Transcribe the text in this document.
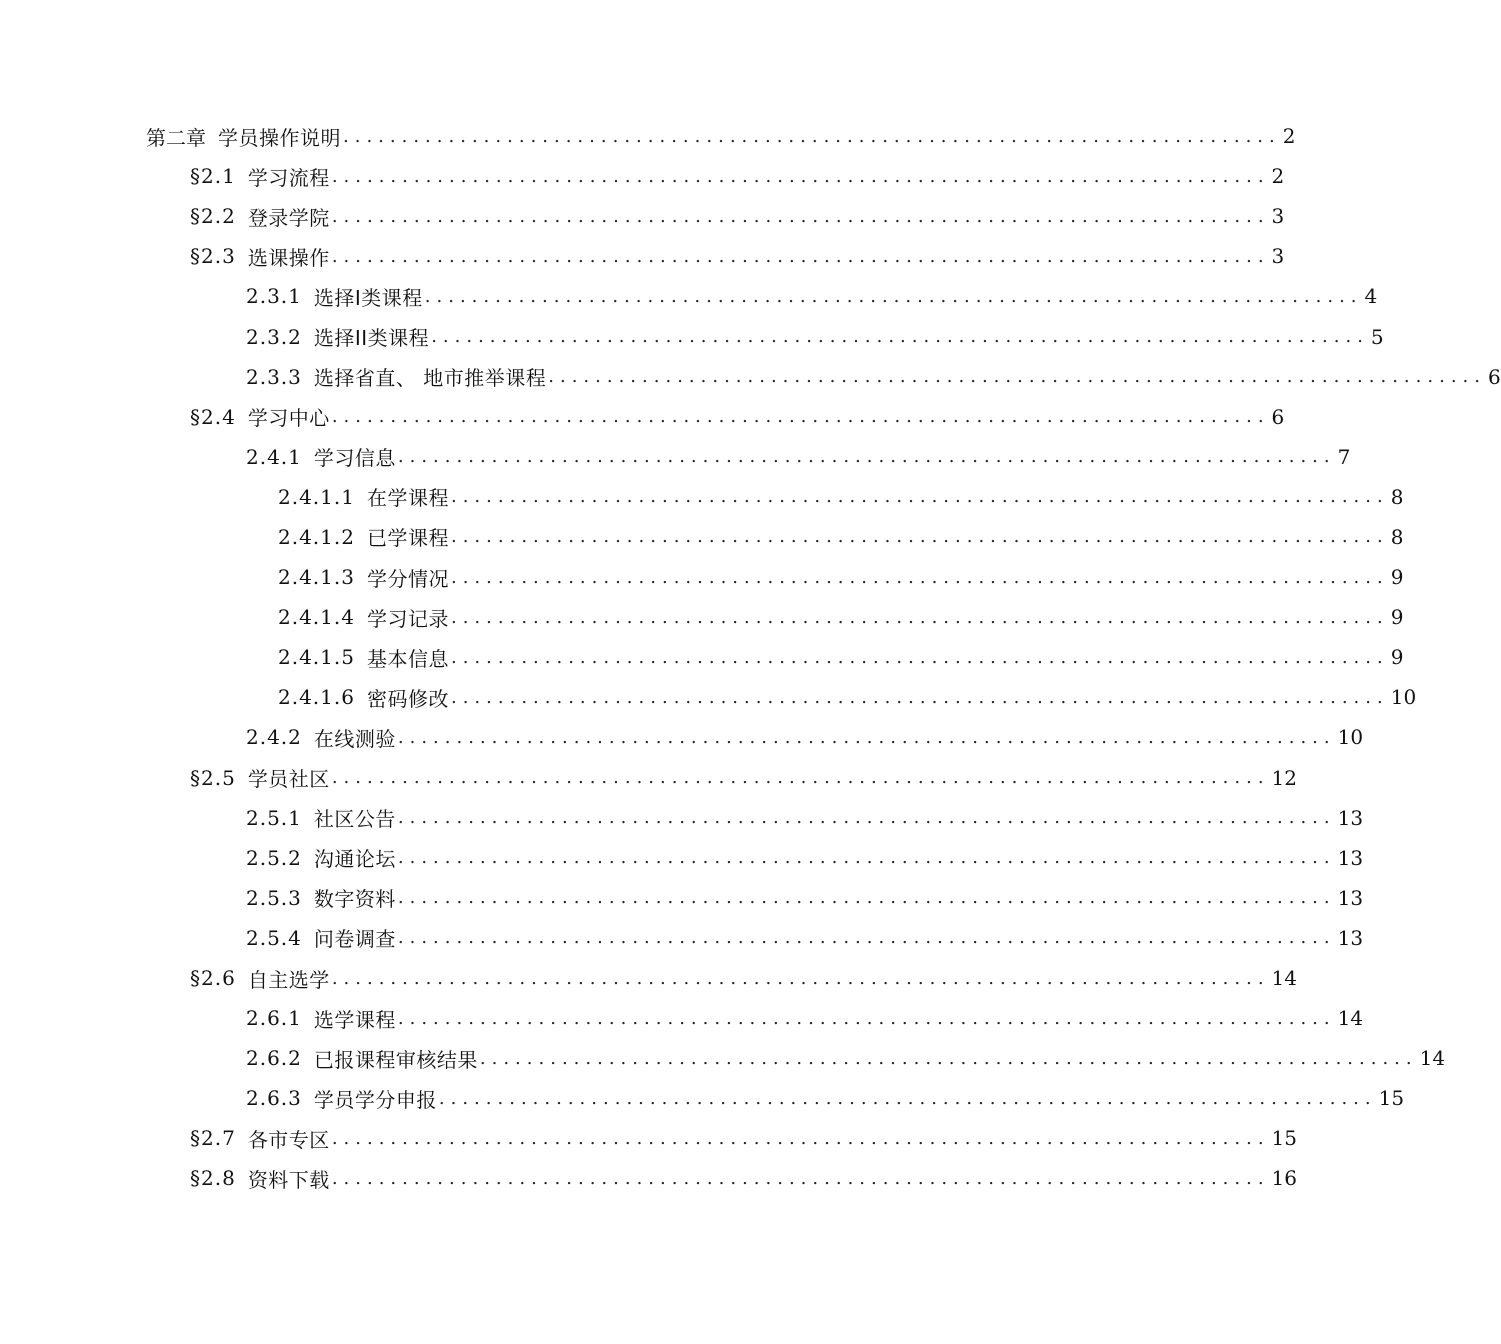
第二章 学员操作说明 ................................................................................ 2
§2.1 学习流程 ................................................................................ 2
§2.2 登录学院 ................................................................................ 3
§2.3 选课操作 ................................................................................ 3
2.3.1 选择Ⅰ类课程 ................................................................................ 4
2.3.2 选择ⅠⅠ类课程 ................................................................................ 5
2.3.3 选择省直、 地市推举课程 ................................................................................ 6
§2.4 学习中心 ................................................................................ 6
2.4.1 学习信息 ................................................................................ 7
2.4.1.1 在学课程 ................................................................................ 8
2.4.1.2 已学课程 ................................................................................ 8
2.4.1.3 学分情况 ................................................................................ 9
2.4.1.4 学习记录 ................................................................................ 9
2.4.1.5 基本信息 ................................................................................ 9
2.4.1.6 密码修改 ................................................................................ 10
2.4.2 在线测验 ................................................................................ 10
§2.5 学员社区 ................................................................................ 12
2.5.1 社区公告 ................................................................................ 13
2.5.2 沟通论坛 ................................................................................ 13
2.5.3 数字资料 ................................................................................ 13
2.5.4 问卷调查 ................................................................................ 13
§2.6 自主选学 ................................................................................ 14
2.6.1 选学课程 ................................................................................ 14
2.6.2 已报课程审核结果 ................................................................................ 14
2.6.3 学员学分申报 ................................................................................ 15
§2.7 各市专区 ................................................................................ 15
§2.8 资料下载 ................................................................................ 16
